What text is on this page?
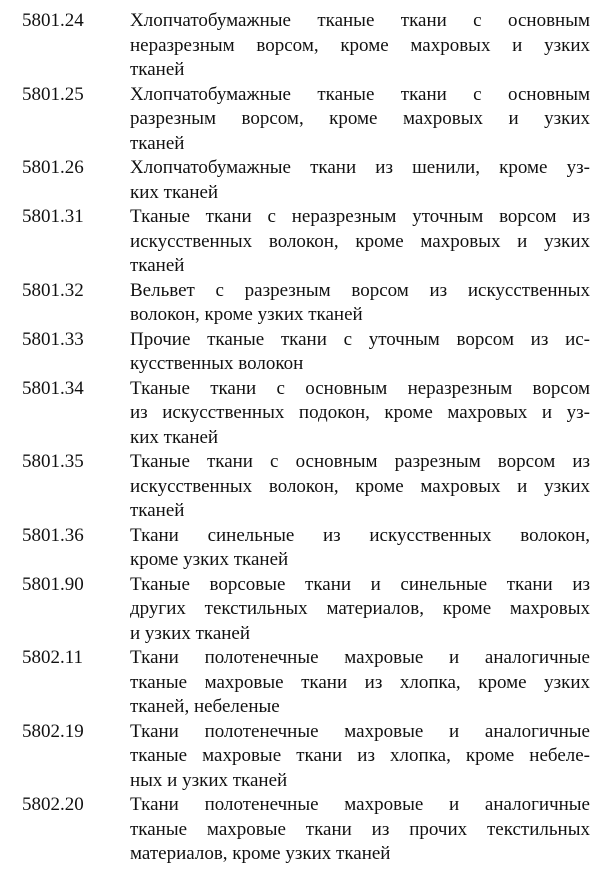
5801.24	Хлопчатобумажные тканые ткани с основным
неразрезным ворсом, кроме махровых и узких
тканей
5801.25	Хлопчатобумажные тканые ткани с основным
разрезным ворсом, кроме махровых и узких
тканей
5801.26	Хлопчатобумажные ткани из шенили, кроме уз-
ких тканей
5801.31	Тканые ткани с неразрезным уточным ворсом из
искусственных волокон, кроме махровых и узких
тканей
5801.32	Вельвет с разрезным ворсом из искусственных
волокон, кроме узких тканей
5801.33	Прочие тканые ткани с уточным ворсом из ис-
кусственных волокон
5801.34	Тканые ткани с основным неразрезным ворсом
из искусственных подокон, кроме махровых и уз-
ких тканей
5801.35	Тканые ткани с основным разрезным ворсом из
искусственных волокон, кроме махровых и узких
тканей
5801.36	Ткани синельные из искусственных волокон,
кроме узких тканей
5801.90	Тканые ворсовые ткани и синельные ткани из
других текстильных материалов, кроме махровых
и узких тканей
5802.11	Ткани полотенечные махровые и аналогичные
тканые махровые ткани из хлопка, кроме узких
тканей, небеленые
5802.19	Ткани полотенечные махровые и аналогичные
тканые махровые ткани из хлопка, кроме небеле-
ных и узких тканей
5802.20	Ткани полотенечные махровые и аналогичные
тканые махровые ткани из прочих текстильных
материалов, кроме узких тканей
